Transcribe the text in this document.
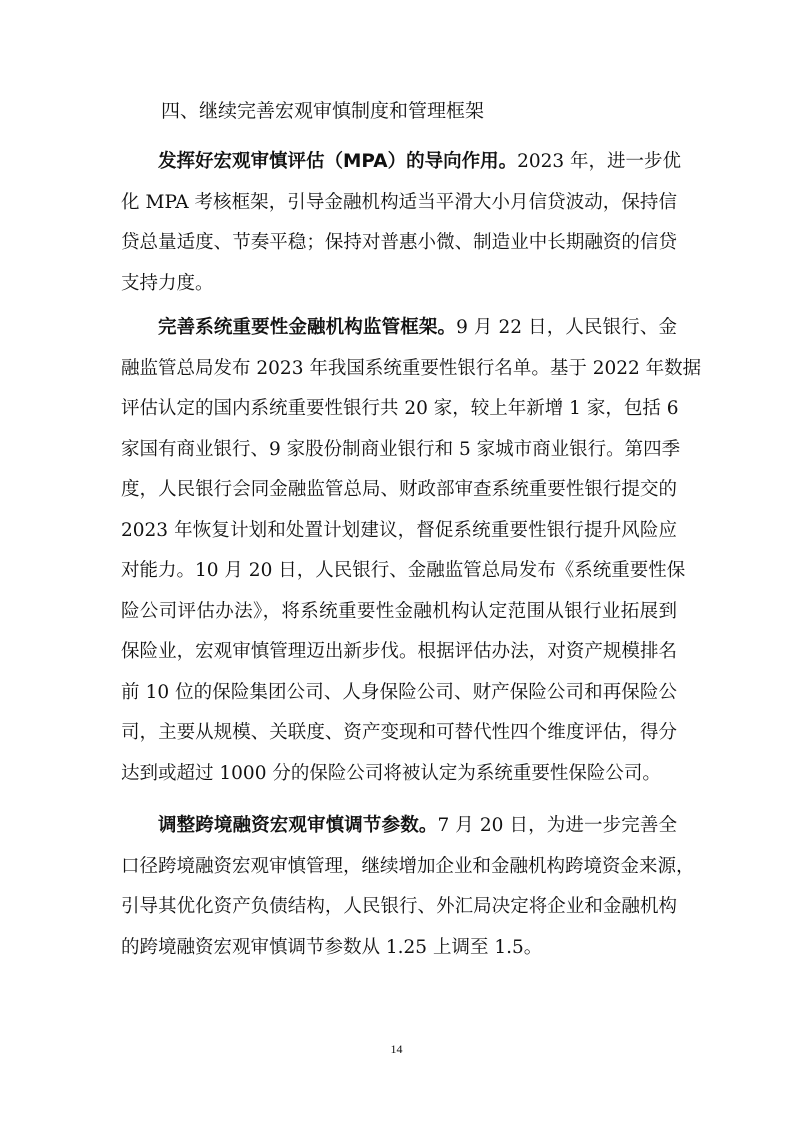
四、继续完善宏观审慎制度和管理框架
发挥好宏观审慎评估（MPA）的导向作用。2023 年，进一步优
化 MPA 考核框架，引导金融机构适当平滑大小月信贷波动，保持信
贷总量适度、节奏平稳；保持对普惠小微、制造业中长期融资的信贷
支持力度。
完善系统重要性金融机构监管框架。9 月 22 日，人民银行、金
融监管总局发布 2023 年我国系统重要性银行名单。基于 2022 年数据
评估认定的国内系统重要性银行共 20 家，较上年新增 1 家，包括 6
家国有商业银行、9 家股份制商业银行和 5 家城市商业银行。第四季
度，人民银行会同金融监管总局、财政部审查系统重要性银行提交的
2023 年恢复计划和处置计划建议，督促系统重要性银行提升风险应
对能力。10 月 20 日，人民银行、金融监管总局发布《系统重要性保
险公司评估办法》，将系统重要性金融机构认定范围从银行业拓展到
保险业，宏观审慎管理迈出新步伐。根据评估办法，对资产规模排名
前 10 位的保险集团公司、人身保险公司、财产保险公司和再保险公
司，主要从规模、关联度、资产变现和可替代性四个维度评估，得分
达到或超过 1000 分的保险公司将被认定为系统重要性保险公司。
调整跨境融资宏观审慎调节参数。7 月 20 日，为进一步完善全
口径跨境融资宏观审慎管理，继续增加企业和金融机构跨境资金来源，
引导其优化资产负债结构，人民银行、外汇局决定将企业和金融机构
的跨境融资宏观审慎调节参数从 1.25 上调至 1.5。
14
